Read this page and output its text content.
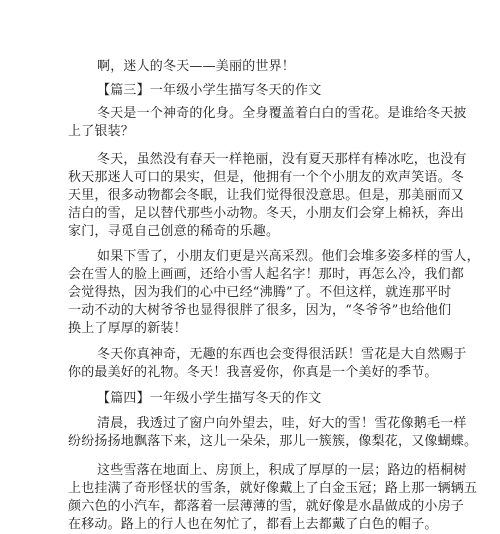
啊，迷人的冬天——美丽的世界！
【篇三】一年级小学生描写冬天的作文
冬天是一个神奇的化身。全身覆盖着白白的雪花。是谁给冬天披
上了银装？
冬天，虽然没有春天一样艳丽，没有夏天那样有棒冰吃，也没有
秋天那迷人可口的果实，但是，他拥有一个个小朋友的欢声笑语。冬
天里，很多动物都会冬眠，让我们觉得很没意思。但是，那美丽而又
洁白的雪，足以替代那些小动物。冬天，小朋友们会穿上棉袄，奔出
家门，寻觅自己创意的稀奇的乐趣。
如果下雪了，小朋友们更是兴高采烈。他们会堆多姿多样的雪人，
会在雪人的脸上画画，还给小雪人起名字！那时，再怎么冷，我们都
会觉得热，因为我们的心中已经“沸腾”了。不但这样，就连那平时
一动不动的大树爷爷也显得很胖了很多，因为，“冬爷爷”也给他们
换上了厚厚的新装！
冬天你真神奇，无趣的东西也会变得很活跃！雪花是大自然赐于
你的最美好的礼物。冬天！我喜爱你，你真是一个美好的季节。
【篇四】一年级小学生描写冬天的作文
清晨，我透过了窗户向外望去，哇，好大的雪！雪花像鹅毛一样
纷纷扬扬地飘落下来，这儿一朵朵，那儿一簇簇，像梨花，又像蝴蝶。
这些雪落在地面上、房顶上，积成了厚厚的一层；路边的梧桐树
上也挂满了奇形怪状的雪条，就好像戴上了白金玉冠；路上那一辆辆五
颜六色的小汽车，都落着一层薄薄的雪，就好像是水晶做成的小房子
在移动。路上的行人也在匆忙了，都看上去都戴了白色的帽子。
